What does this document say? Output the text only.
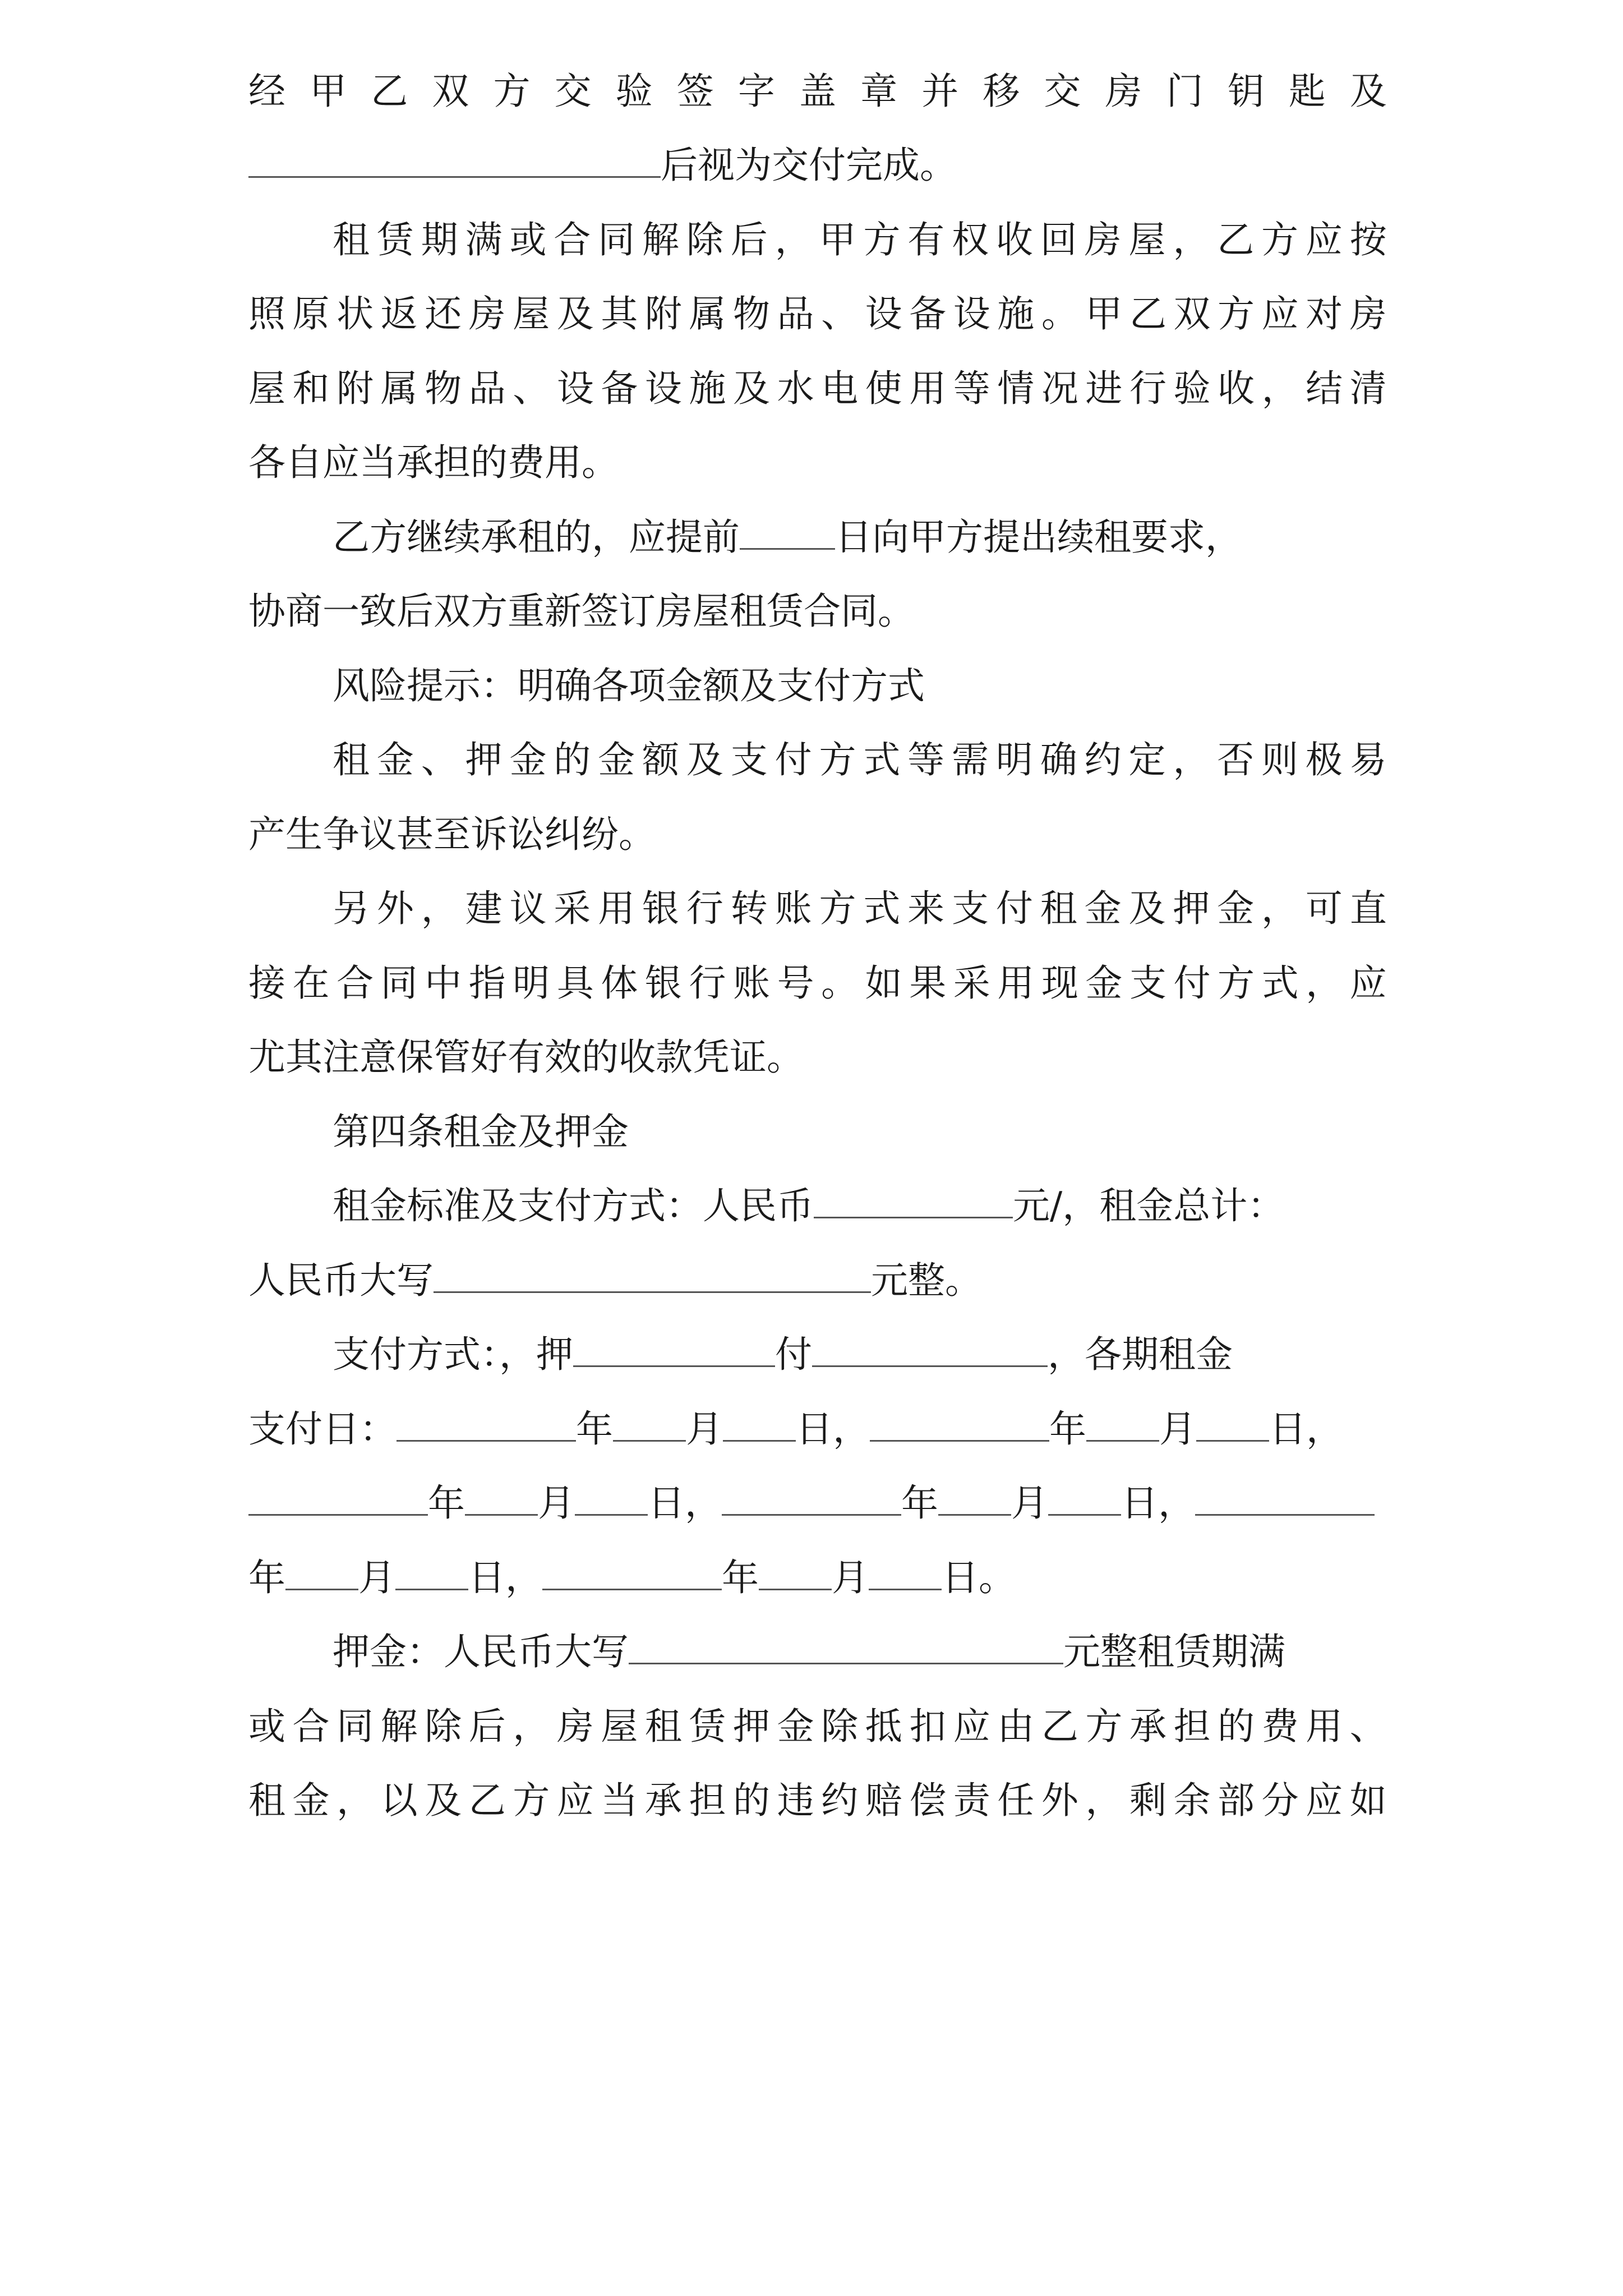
经 甲 乙 双 方 交 验 签 字 盖 章 并 移 交 房 门 钥 匙 及
后视为交付完成。
租 赁 期 满 或 合 同 解 除 后 ， 甲 方 有 权 收 回 房 屋 ， 乙 方 应 按
照 原 状 返 还 房 屋 及 其 附 属 物 品 、 设 备 设 施 。 甲 乙 双 方 应 对 房
屋 和 附 属 物 品 、 设 备 设 施 及 水 电 使 用 等 情 况 进 行 验 收 ， 结 清
各自应当承担的费用。
乙方继续承租的，应提前	日向甲方提出续租要求，
协商一致后双方重新签订房屋租赁合同。
风险提示：明确各项金额及支付方式
租 金 、 押 金 的 金 额 及 支 付 方 式 等 需 明 确 约 定 ， 否 则 极 易
产生争议甚至诉讼纠纷。
另 外 ， 建 议 采 用 银 行 转 账 方 式 来 支 付 租 金 及 押 金 ， 可 直
接 在 合 同 中 指 明 具 体 银 行 账 号 。 如 果 采 用 现 金 支 付 方 式 ， 应
尤其注意保管好有效的收款凭证。
第四条租金及押金
租金标准及支付方式：人民币	元/，租金总计：
人民币大写	元整。
支付方式：，押	付	，各期租金
支付日：	年 月 日，	年 月 日，
年 月 日，	年 月 日，
年 月 日，	年 月 日。
押金：人民币大写	元整租赁期满
或 合 同 解 除 后 ， 房 屋 租 赁 押 金 除 抵 扣 应 由 乙 方 承 担 的 费 用 、
租 金 ， 以 及 乙 方 应 当 承 担 的 违 约 赔 偿 责 任 外 ， 剩 余 部 分 应 如
